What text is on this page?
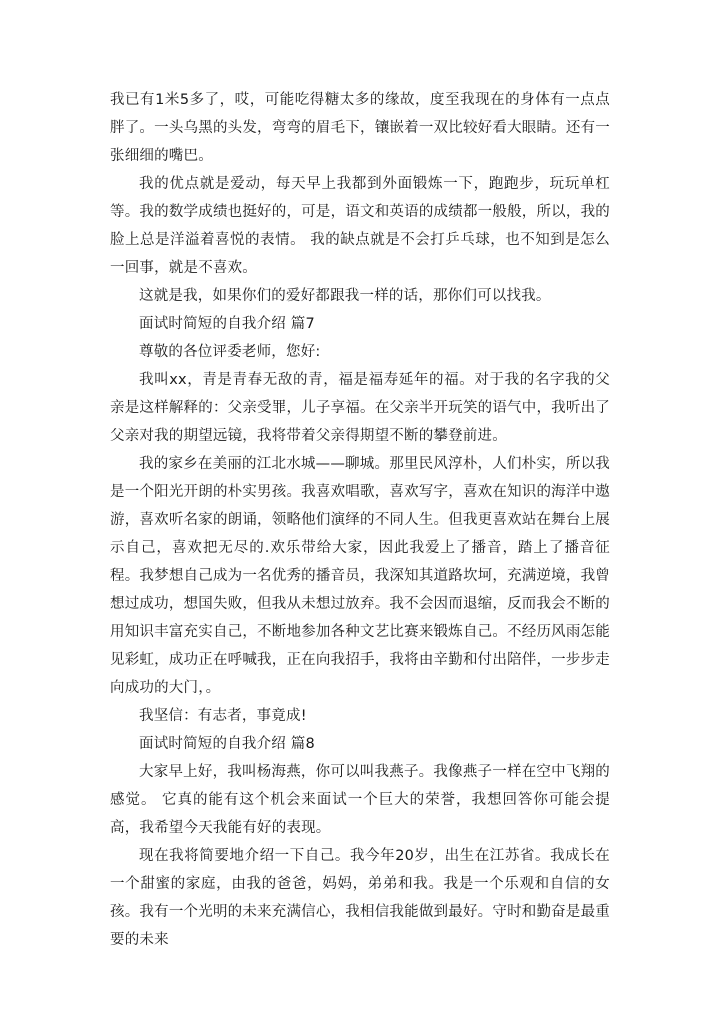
我已有1米5多了，哎，可能吃得糖太多的缘故，度至我现在的身体有一点点胖了。一头乌黑的头发，弯弯的眉毛下，镶嵌着一双比较好看大眼睛。还有一张细细的嘴巴。

我的优点就是爱动，每天早上我都到外面锻炼一下，跑跑步，玩玩单杠等。我的数学成绩也挺好的，可是，语文和英语的成绩都一般般，所以，我的脸上总是洋溢着喜悦的表情。 我的缺点就是不会打乒乓球，也不知到是怎么一回事，就是不喜欢。

这就是我，如果你们的爱好都跟我一样的话，那你们可以找我。

面试时简短的自我介绍 篇7

尊敬的各位评委老师，您好:

我叫xx，青是青春无敌的青，福是福寿延年的福。对于我的名字我的父亲是这样解释的：父亲受罪，儿子享福。在父亲半开玩笑的语气中，我听出了父亲对我的期望远镜，我将带着父亲得期望不断的攀登前进。

我的家乡在美丽的江北水城——聊城。那里民风淳朴，人们朴实，所以我是一个阳光开朗的朴实男孩。我喜欢唱歌，喜欢写字，喜欢在知识的海洋中遨游，喜欢听名家的朗诵，领略他们演绎的不同人生。但我更喜欢站在舞台上展示自己，喜欢把无尽的.欢乐带给大家，因此我爱上了播音，踏上了播音征程。我梦想自己成为一名优秀的播音员，我深知其道路坎坷，充满逆境，我曾想过成功，想国失败，但我从未想过放弃。我不会因而退缩，反而我会不断的用知识丰富充实自己，不断地参加各种文艺比赛来锻炼自己。不经历风雨怎能见彩虹，成功正在呼喊我，正在向我招手，我将由辛勤和付出陪伴，一步步走向成功的大门，。

我坚信：有志者，事竟成!

面试时简短的自我介绍 篇8

大家早上好，我叫杨海燕，你可以叫我燕子。我像燕子一样在空中飞翔的感觉。 它真的能有这个机会来面试一个巨大的荣誉，我想回答你可能会提高，我希望今天我能有好的表现。

现在我将简要地介绍一下自己。我今年20岁，出生在江苏省。我成长在一个甜蜜的家庭，由我的爸爸，妈妈，弟弟和我。我是一个乐观和自信的女孩。我有一个光明的未来充满信心，我相信我能做到最好。守时和勤奋是最重要的未来
